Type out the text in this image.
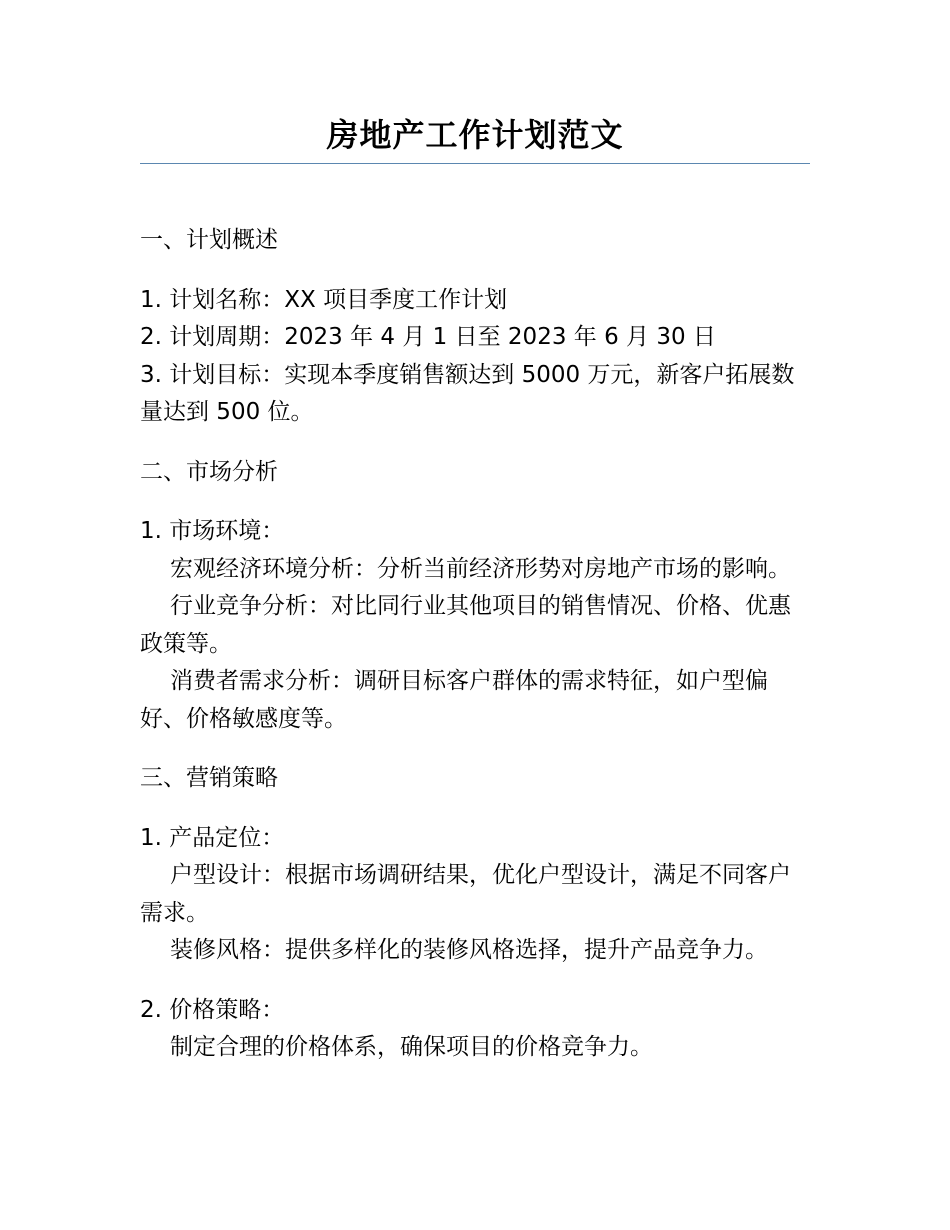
房地产工作计划范文

一、计划概述

1. 计划名称：XX 项目季度工作计划

2. 计划周期：2023 年 4 月 1 日至 2023 年 6 月 30 日

3. 计划目标：实现本季度销售额达到 5000 万元，新客户拓展数量达到 500 位。

二、市场分析

1. 市场环境：

宏观经济环境分析：分析当前经济形势对房地产市场的影响。

行业竞争分析：对比同行业其他项目的销售情况、价格、优惠政策等。

消费者需求分析：调研目标客户群体的需求特征，如户型偏好、价格敏感度等。

三、营销策略

1. 产品定位：

户型设计：根据市场调研结果，优化户型设计，满足不同客户需求。

装修风格：提供多样化的装修风格选择，提升产品竞争力。

2. 价格策略：

制定合理的价格体系，确保项目的价格竞争力。
